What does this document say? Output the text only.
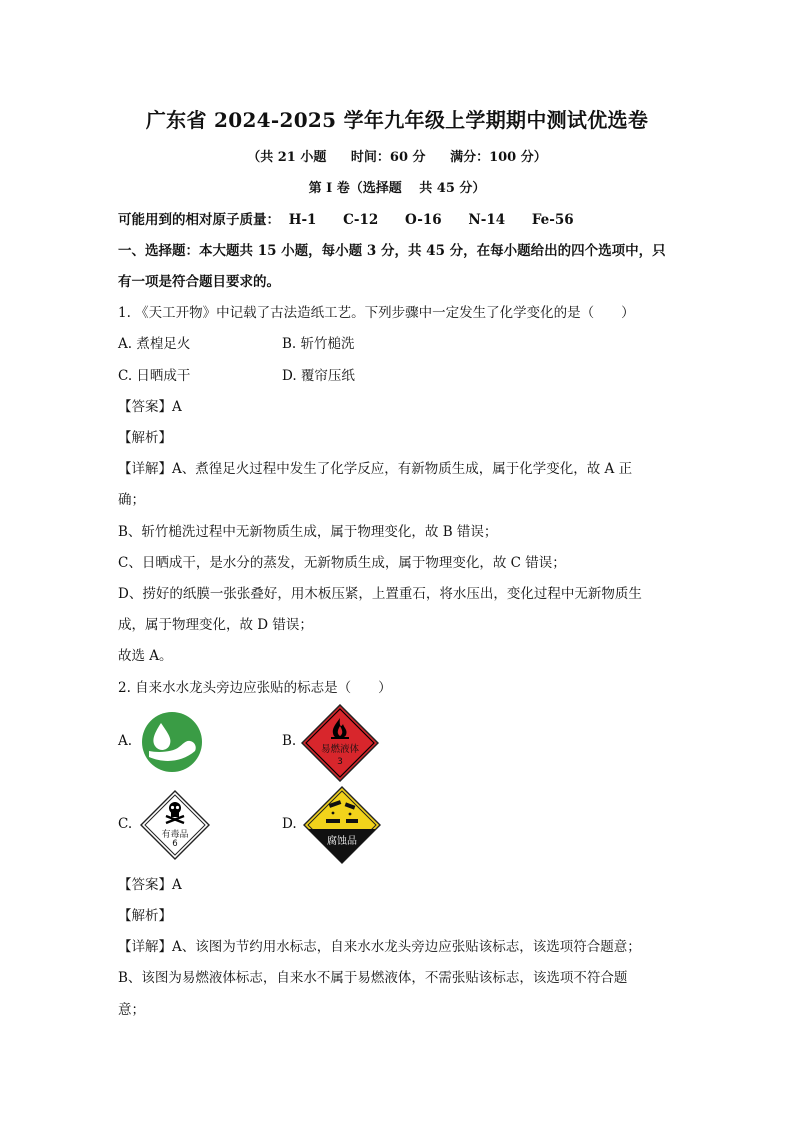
广东省 2024-2025 学年九年级上学期期中测试优选卷
（共 21 小题 时间：60 分 满分：100 分）
第 I 卷（选择题　 共 45 分）
可能用到的相对原子质量： H-1 C-12 O-16 N-14 Fe-56
一、选择题：本大题共 15 小题，每小题 3 分，共 45 分，在每小题给出的四个选项中，只
有一项是符合题目要求的。
1. 《天工开物》中记载了古法造纸工艺。下列步骤中一定发生了化学变化的是（　　）
A. 煮楻足火	B. 斩竹槌洗
C. 日晒成干	D. 覆帘压纸
【答案】A
【解析】
【详解】A、煮徨足火过程中发生了化学反应，有新物质生成，属于化学变化，故 A 正
确；
B、斩竹槌洗过程中无新物质生成，属于物理变化，故 B 错误；
C、日晒成干，是水分的蒸发，无新物质生成，属于物理变化，故 C 错误；
D、捞好的纸膜一张张叠好，用木板压紧，上置重石，将水压出，变化过程中无新物质生
成，属于物理变化，故 D 错误；
故选 A。
2. 自来水水龙头旁边应张贴的标志是（　　）
A.	B.
易燃液体
3
C.
有毒品
6
D.
腐蚀品
【答案】A
【解析】
【详解】A、该图为节约用水标志，自来水水龙头旁边应张贴该标志，该选项符合题意；
B、该图为易燃液体标志，自来水不属于易燃液体，不需张贴该标志，该选项不符合题
意；
